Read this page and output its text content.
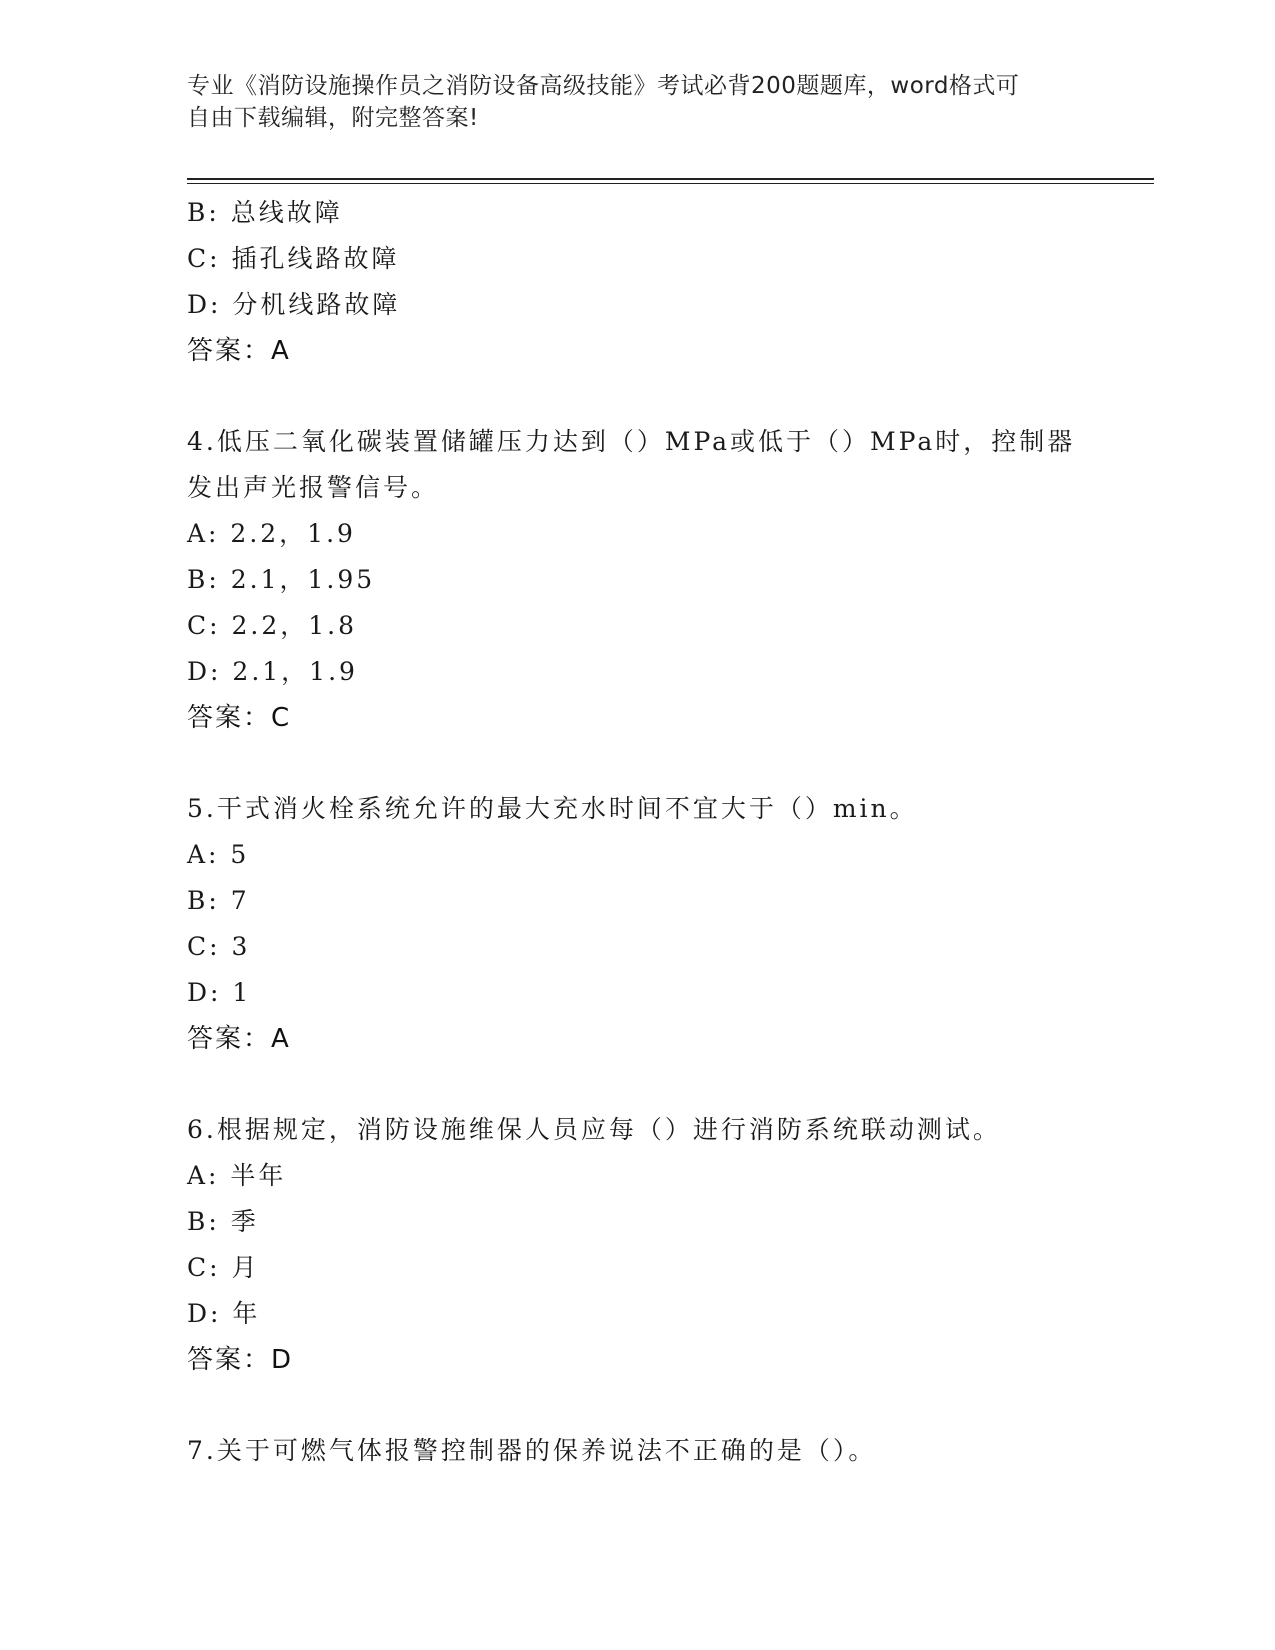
专业《消防设施操作员之消防设备高级技能》考试必背200题题库，word格式可
自由下载编辑，附完整答案!
B: 总线故障
C: 插孔线路故障
D: 分机线路故障
答案：A
4.低压二氧化碳装置储罐压力达到（）MPa或低于（）MPa时，控制器
发出声光报警信号。
A: 2.2，1.9
B: 2.1，1.95
C: 2.2，1.8
D: 2.1，1.9
答案：C
5.干式消火栓系统允许的最大充水时间不宜大于（）min。
A: 5
B: 7
C: 3
D: 1
答案：A
6.根据规定，消防设施维保人员应每（）进行消防系统联动测试。
A: 半年
B: 季
C: 月
D: 年
答案：D
7.关于可燃气体报警控制器的保养说法不正确的是（）。
